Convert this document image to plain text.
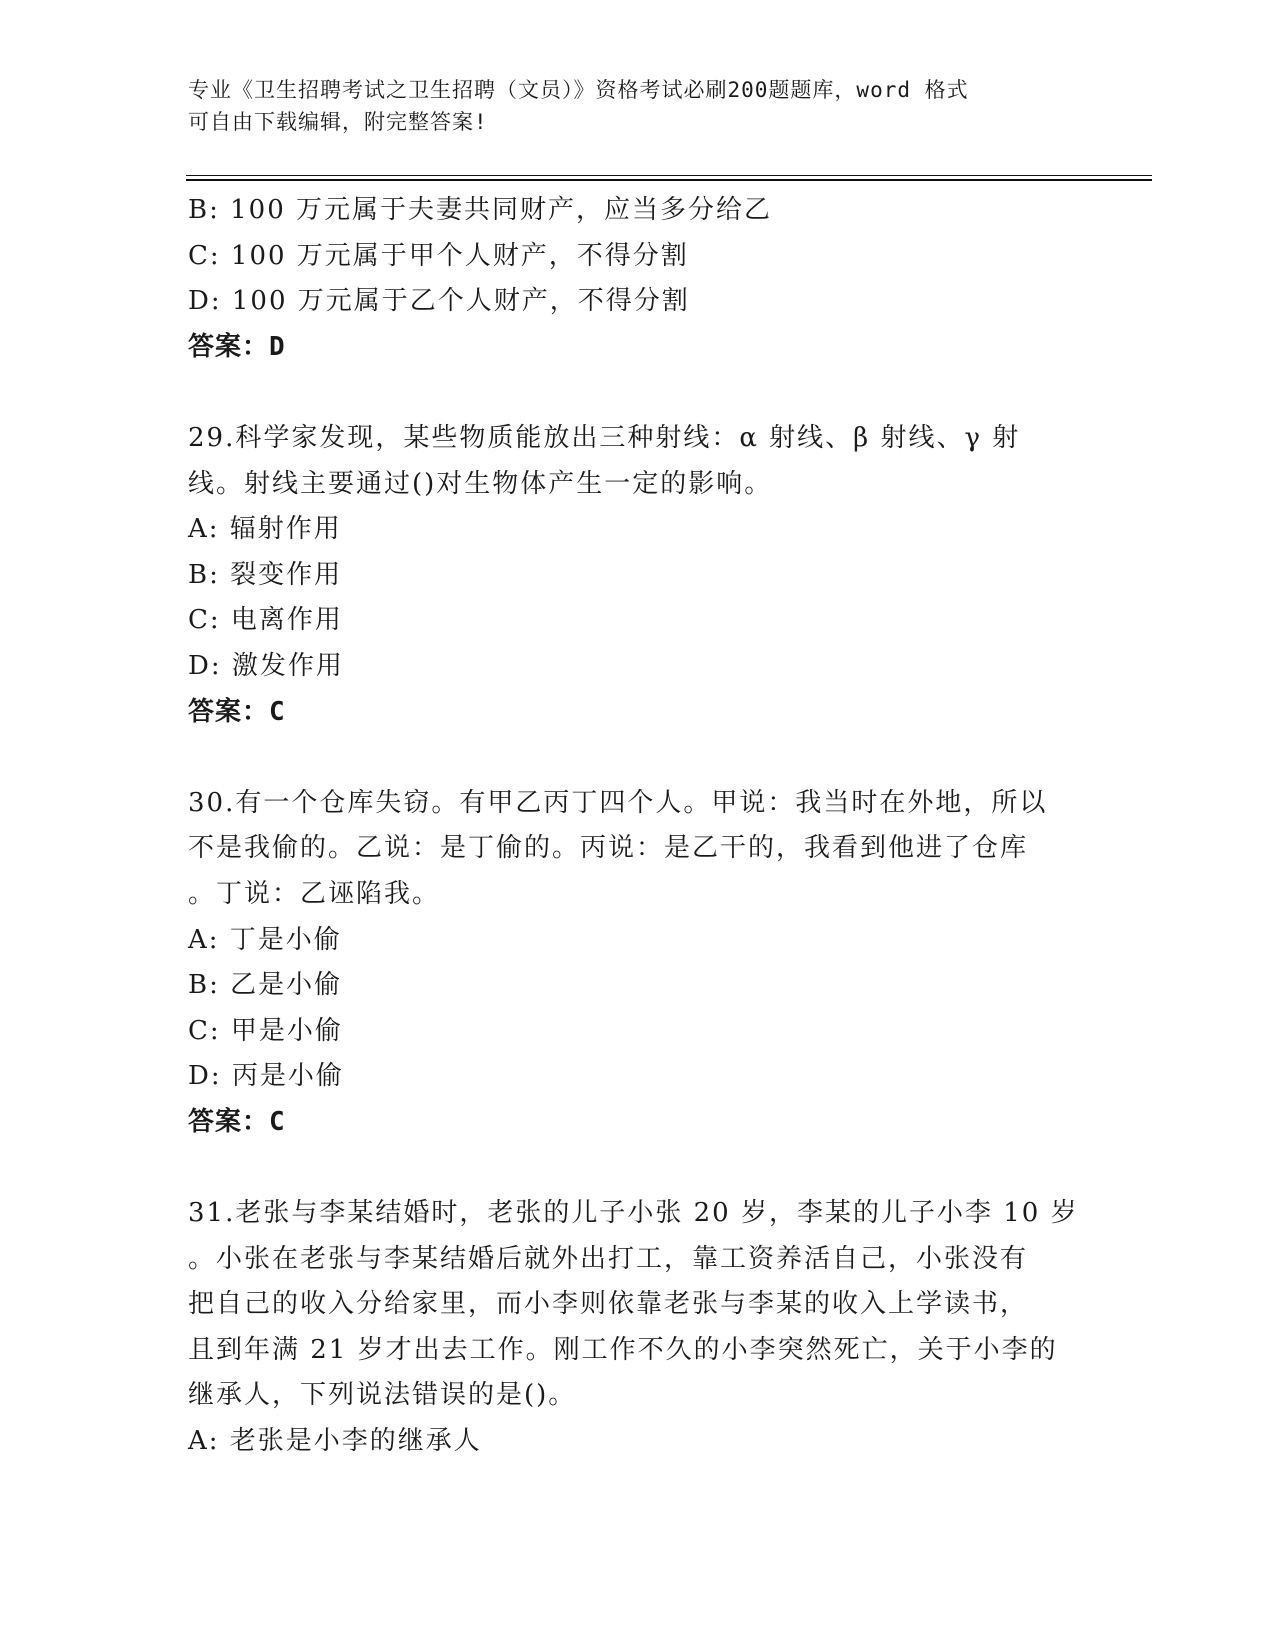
专业《卫生招聘考试之卫生招聘（文员）》资格考试必刷200题题库，word 格式
可自由下载编辑，附完整答案!
B: 100 万元属于夫妻共同财产，应当多分给乙
C: 100 万元属于甲个人财产，不得分割
D: 100 万元属于乙个人财产，不得分割
答案：D
29.科学家发现，某些物质能放出三种射线：α 射线、β 射线、γ 射
线。射线主要通过()对生物体产生一定的影响。
A: 辐射作用
B: 裂变作用
C: 电离作用
D: 激发作用
答案：C
30.有一个仓库失窃。有甲乙丙丁四个人。甲说：我当时在外地，所以
不是我偷的。乙说：是丁偷的。丙说：是乙干的，我看到他进了仓库
。丁说：乙诬陷我。
A: 丁是小偷
B: 乙是小偷
C: 甲是小偷
D: 丙是小偷
答案：C
31.老张与李某结婚时，老张的儿子小张 20 岁，李某的儿子小李 10 岁
。小张在老张与李某结婚后就外出打工，靠工资养活自己，小张没有
把自己的收入分给家里，而小李则依靠老张与李某的收入上学读书，
且到年满 21 岁才出去工作。刚工作不久的小李突然死亡，关于小李的
继承人，下列说法错误的是()。
A: 老张是小李的继承人
